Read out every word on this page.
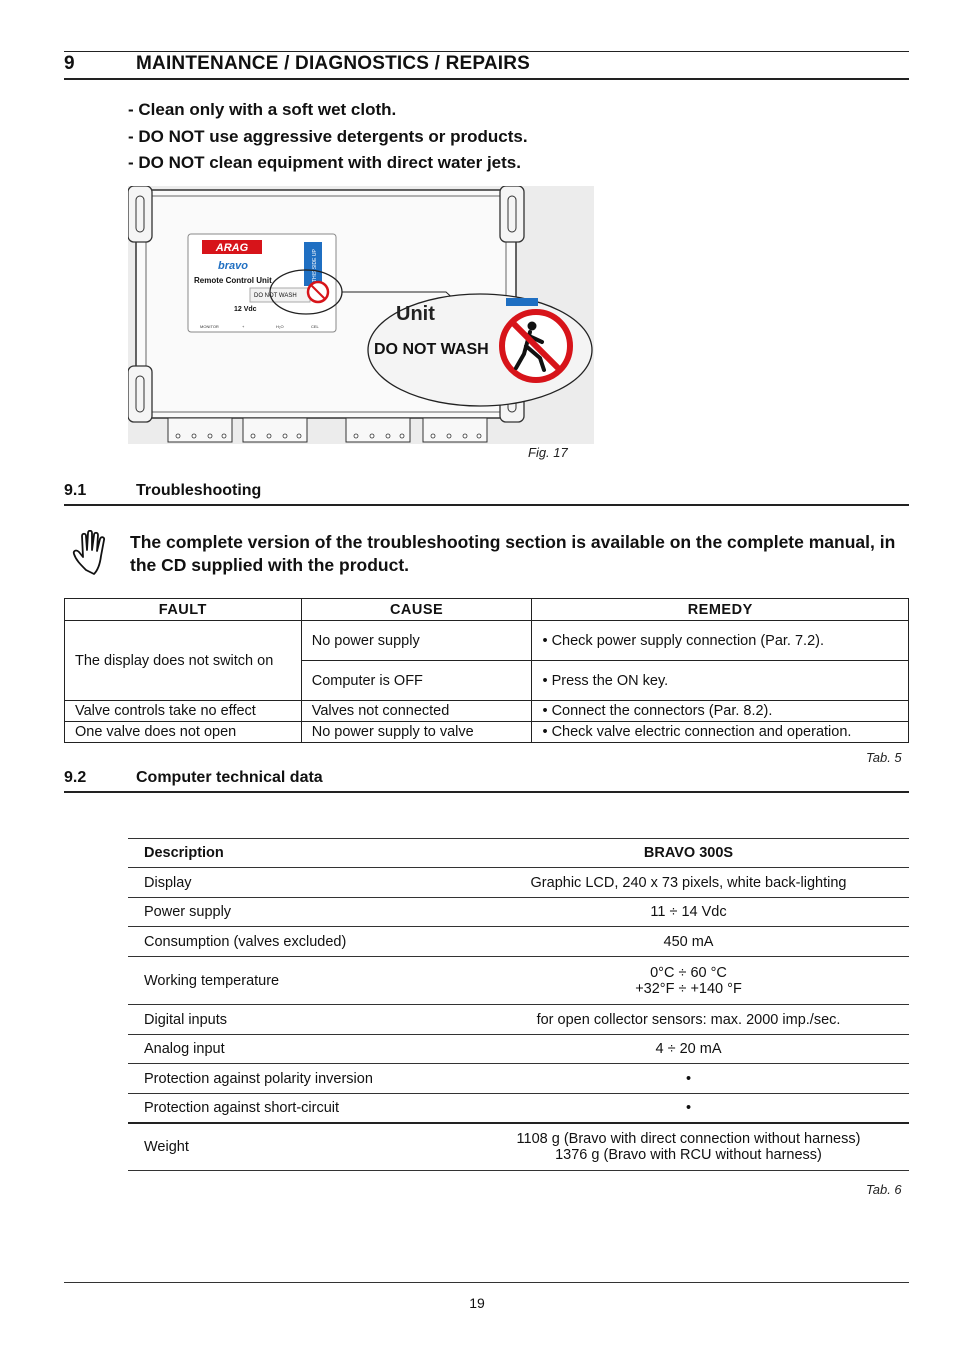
9	MAINTENANCE / DIAGNOSTICS / REPAIRS
- Clean only with a soft wet cloth.
- DO NOT use aggressive detergents or products.
- DO NOT clean equipment with direct water jets.
ARAG
bravo
Remote Control Unit
DO NOT WASH
12 Vdc
THIS SIDE UP
MONITOR	+	H₂O	CEL
Unit
DO NOT WASH
Fig. 17
9.1	Troubleshooting
The complete version of the troubleshooting section is available on the complete manual, in the CD supplied with the product.
FAULT	CAUSE	REMEDY
The display does not switch on	No power supply	• Check power supply connection (Par. 7.2).
	Computer is OFF	• Press the ON key.
Valve controls take no effect	Valves not connected	• Connect the connectors (Par. 8.2).
One valve does not open	No power supply to valve	• Check valve electric connection and operation.
Tab. 5
9.2	Computer technical data
Description	BRAVO 300S
Display	Graphic LCD, 240 x 73 pixels, white back-lighting
Power supply	11 ÷ 14 Vdc
Consumption (valves excluded)	450 mA
Working temperature	0°C ÷ 60 °C
+32°F ÷ +140 °F

Digital inputs	for open collector sensors: max. 2000 imp./sec.
Analog input	4 ÷ 20 mA
Protection against polarity inversion	•
Protection against short-circuit	•
Weight	1108 g (Bravo with direct connection without harness)
1376 g (Bravo with RCU without harness)
Tab. 6
19
